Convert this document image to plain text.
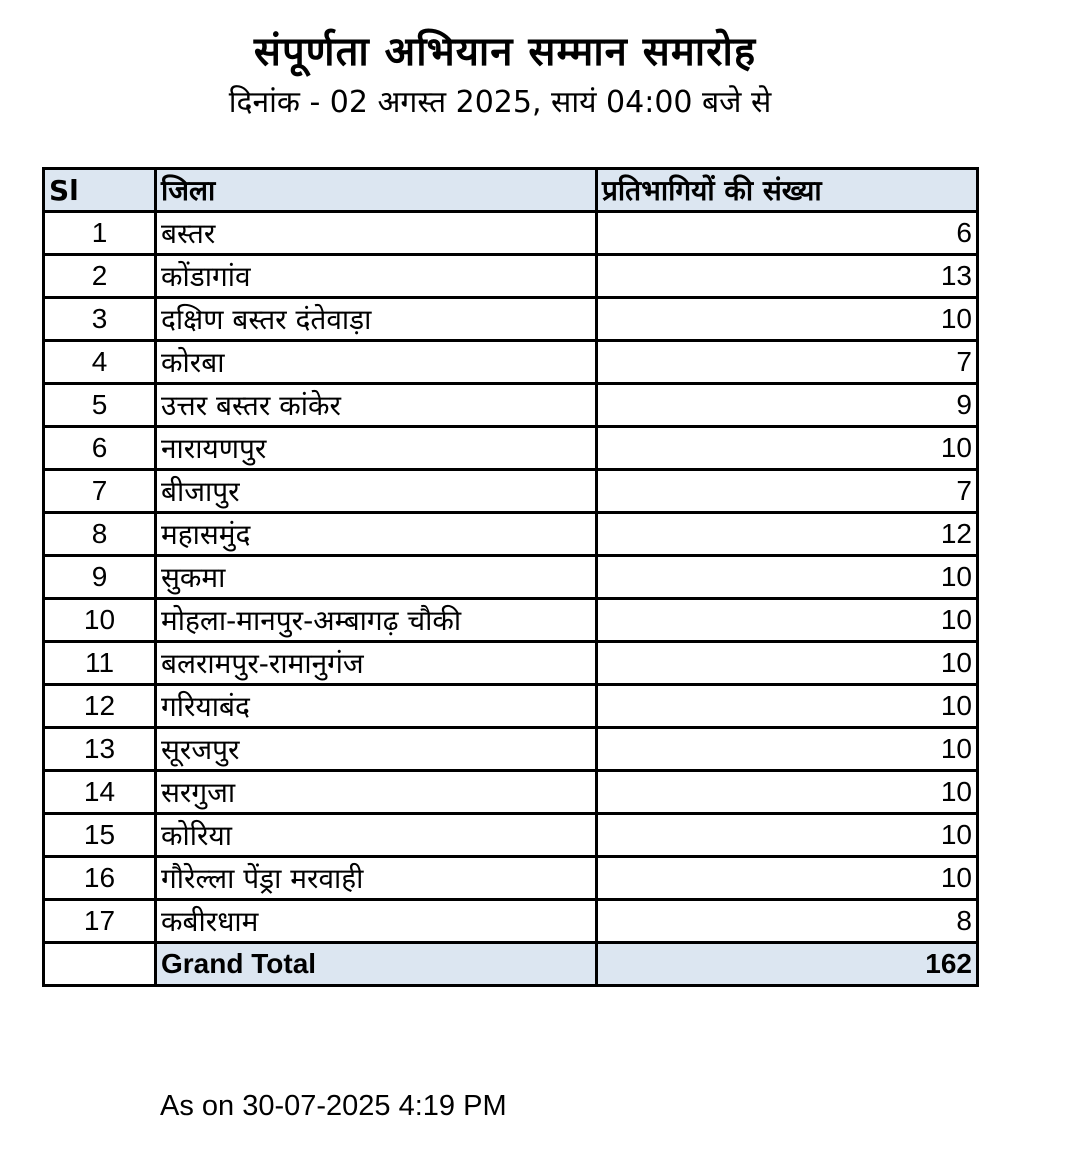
संपूर्णता अभियान सम्मान समारोह
दिनांक - 02 अगस्त 2025, सायं 04:00 बजे से
Sl	जिला	प्रतिभागियों की संख्या
1	बस्तर	6
2	कोंडागांव	13
3	दक्षिण बस्तर दंतेवाड़ा	10
4	कोरबा	7
5	उत्तर बस्तर कांकेर	9
6	नारायणपुर	10
7	बीजापुर	7
8	महासमुंद	12
9	सुकमा	10
10	मोहला-मानपुर-अम्बागढ़ चौकी	10
11	बलरामपुर-रामानुगंज	10
12	गरियाबंद	10
13	सूरजपुर	10
14	सरगुजा	10
15	कोरिया	10
16	गौरेल्ला पेंड्रा मरवाही	10
17	कबीरधाम	8
	Grand Total	162
As on 30-07-2025 4:19 PM
